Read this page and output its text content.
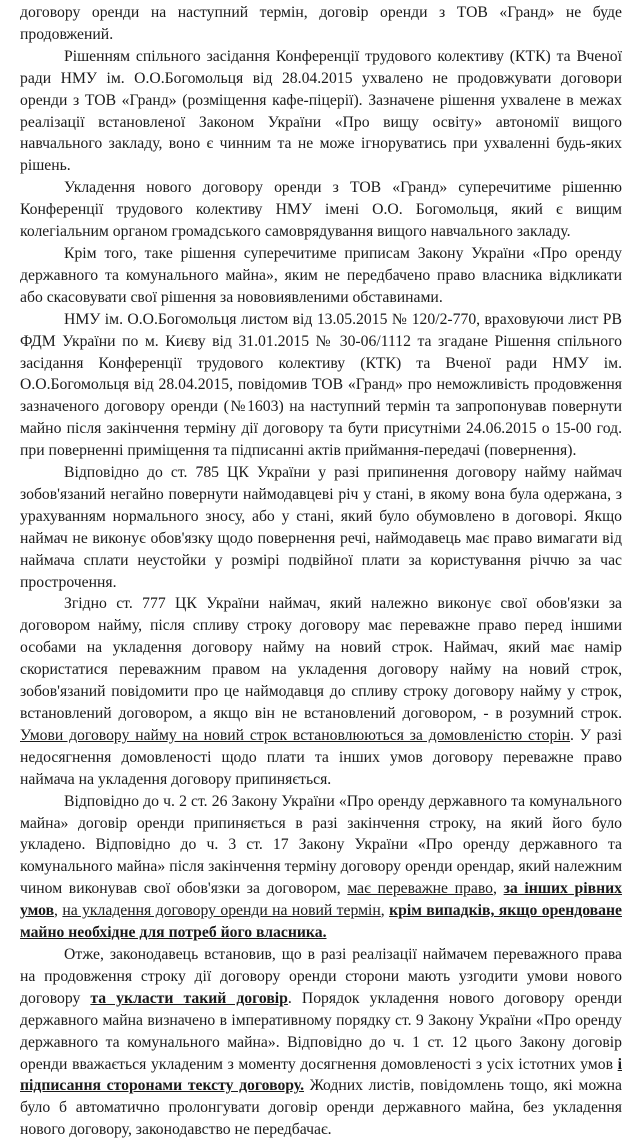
договору оренди на наступний термін, договір оренди з ТОВ «Гранд» не буде продовжений.

Рішенням спільного засідання Конференції трудового колективу (КТК) та Вченої ради НМУ ім. О.О.Богомольця від 28.04.2015 ухвалено не продовжувати договори оренди з ТОВ «Гранд» (розміщення кафе-піцерії). Зазначене рішення ухвалене в межах реалізації встановленої Законом України «Про вищу освіту» автономії вищого навчального закладу, воно є чинним та не може ігноруватись при ухваленні будь-яких рішень.

Укладення нового договору оренди з ТОВ «Гранд» суперечитиме рішенню Конференції трудового колективу НМУ імені О.О. Богомольця, який є вищим колегіальним органом громадського самоврядування вищого навчального закладу.

Крім того, таке рішення суперечитиме приписам Закону України «Про оренду державного та комунального майна», яким не передбачено право власника відкликати або скасовувати свої рішення за нововиявленими обставинами.

НМУ ім. О.О.Богомольця листом від 13.05.2015 № 120/2-770, враховуючи лист РВ ФДМ України по м. Києву від 31.01.2015 № 30-06/1112 та згадане Рішення спільного засідання Конференції трудового колективу (КТК) та Вченої ради НМУ ім. О.О.Богомольця від 28.04.2015, повідомив ТОВ «Гранд» про неможливість продовження зазначеного договору оренди (№1603) на наступний термін та запропонував повернути майно після закінчення терміну дії договору та бути присутніми 24.06.2015 о 15-00 год. при поверненні приміщення та підписанні актів приймання-передачі (повернення).

Відповідно до ст. 785 ЦК України у разі припинення договору найму наймач зобов'язаний негайно повернути наймодавцеві річ у стані, в якому вона була одержана, з урахуванням нормального зносу, або у стані, який було обумовлено в договорі. Якщо наймач не виконує обов'язку щодо повернення речі, наймодавець має право вимагати від наймача сплати неустойки у розмірі подвійної плати за користування річчю за час прострочення.

Згідно ст. 777 ЦК України наймач, який належно виконує свої обов'язки за договором найму, після спливу строку договору має переважне право перед іншими особами на укладення договору найму на новий строк. Наймач, який має намір скористатися переважним правом на укладення договору найму на новий строк, зобов'язаний повідомити про це наймодавця до спливу строку договору найму у строк, встановлений договором, а якщо він не встановлений договором, - в розумний строк. Умови договору найму на новий строк встановлюються за домовленістю сторін. У разі недосягнення домовленості щодо плати та інших умов договору переважне право наймача на укладення договору припиняється.

Відповідно до ч. 2 ст. 26 Закону України «Про оренду державного та комунального майна» договір оренди припиняється в разі закінчення строку, на який його було укладено. Відповідно до ч. 3 ст. 17 Закону України «Про оренду державного та комунального майна» після закінчення терміну договору оренди орендар, який належним чином виконував свої обов'язки за договором, має переважне право, за інших рівних умов, на укладення договору оренди на новий термін, крім випадків, якщо орендоване майно необхідне для потреб його власника.

Отже, законодавець встановив, що в разі реалізації наймачем переважного права на продовження строку дії договору оренди сторони мають узгодити умови нового договору та укласти такий договір. Порядок укладення нового договору оренди державного майна визначено в імперативному порядку ст. 9 Закону України «Про оренду державного та комунального майна». Відповідно до ч. 1 ст. 12 цього Закону договір оренди вважається укладеним з моменту досягнення домовленості з усіх істотних умов і підписання сторонами тексту договору. Жодних листів, повідомлень тощо, які можна було б автоматично пролонгувати договір оренди державного майна, без укладення нового договору, законодавство не передбачає.
